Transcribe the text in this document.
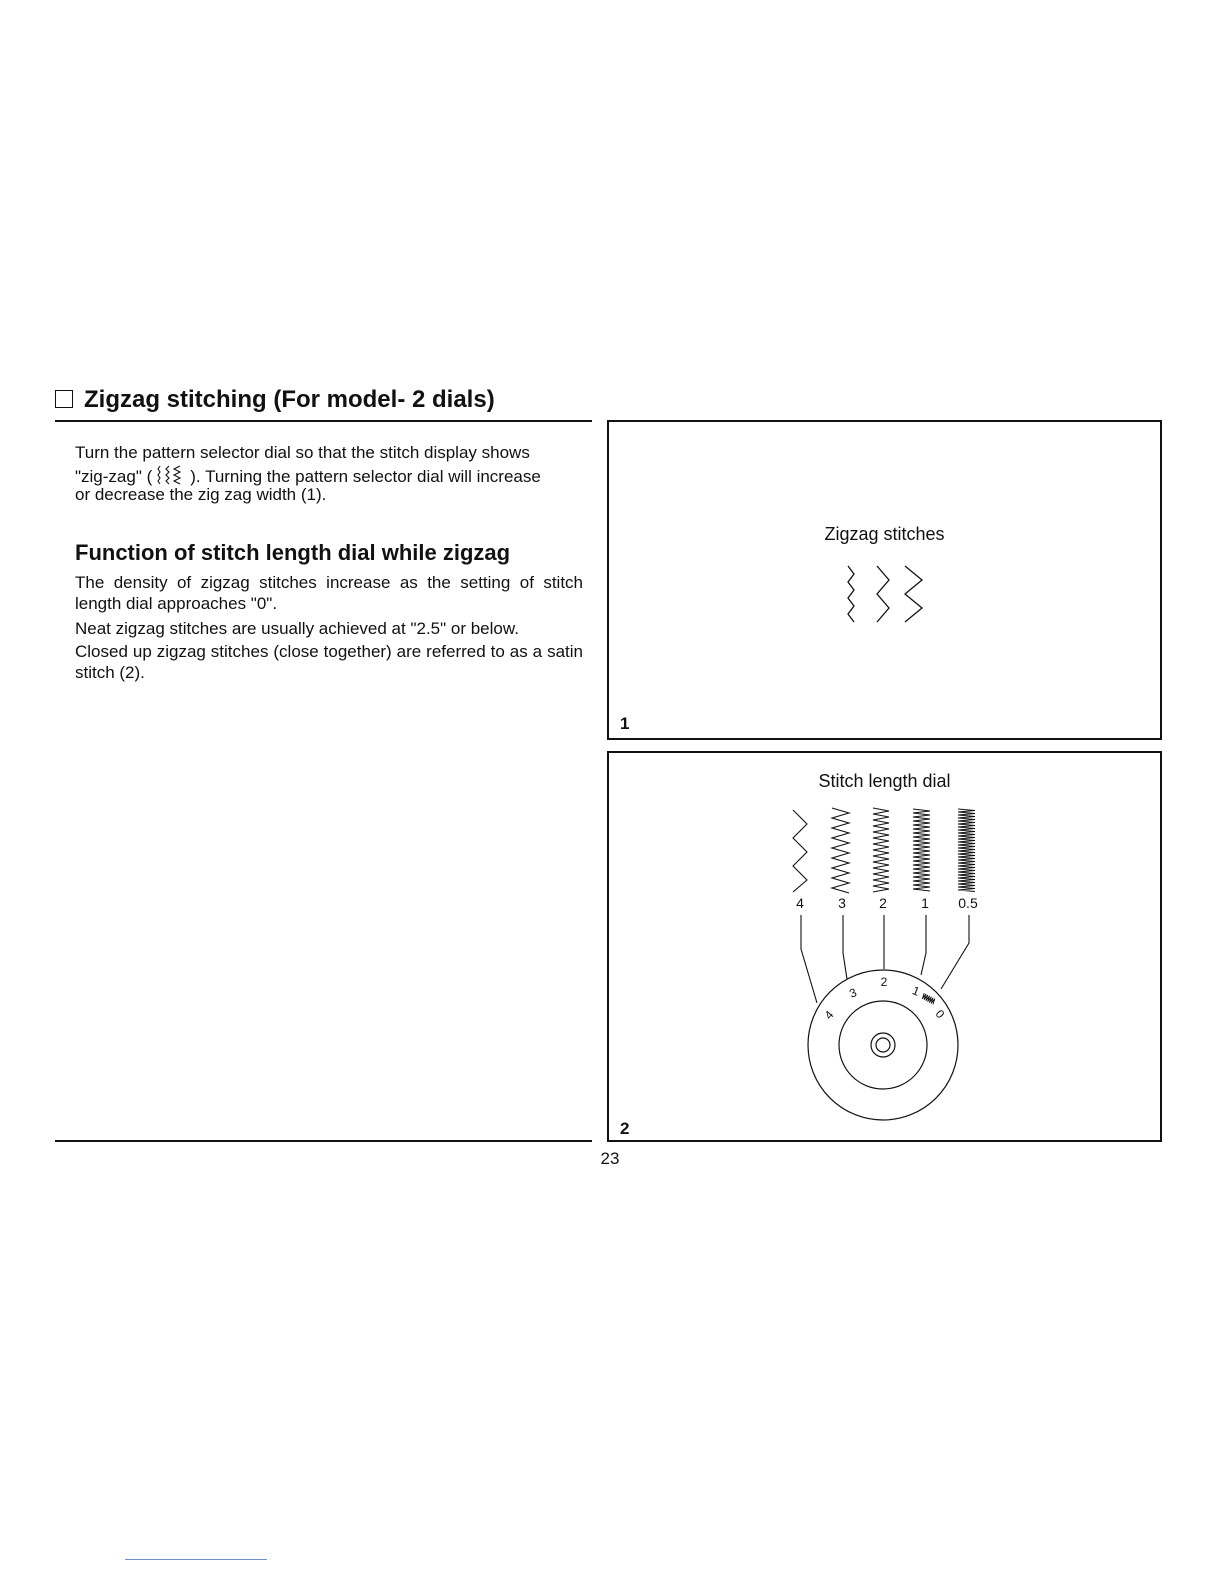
Zigzag stitching (For model- 2 dials)

Turn the pattern selector dial so that the stitch display shows

"zig-zag" ( ). Turning the pattern selector dial will increase

or decrease the zig zag width (1).

Function of stitch length dial while zigzag

The density of zigzag stitches increase as the setting of stitch length dial approaches "0".

Neat zigzag stitches are usually achieved at "2.5" or below.

Closed up zigzag stitches (close together) are referred to as a satin stitch (2).

Zigzag stitches
1
Stitch length dial
4 3 2 1 0.5
4
3
2
1
0
2
23
